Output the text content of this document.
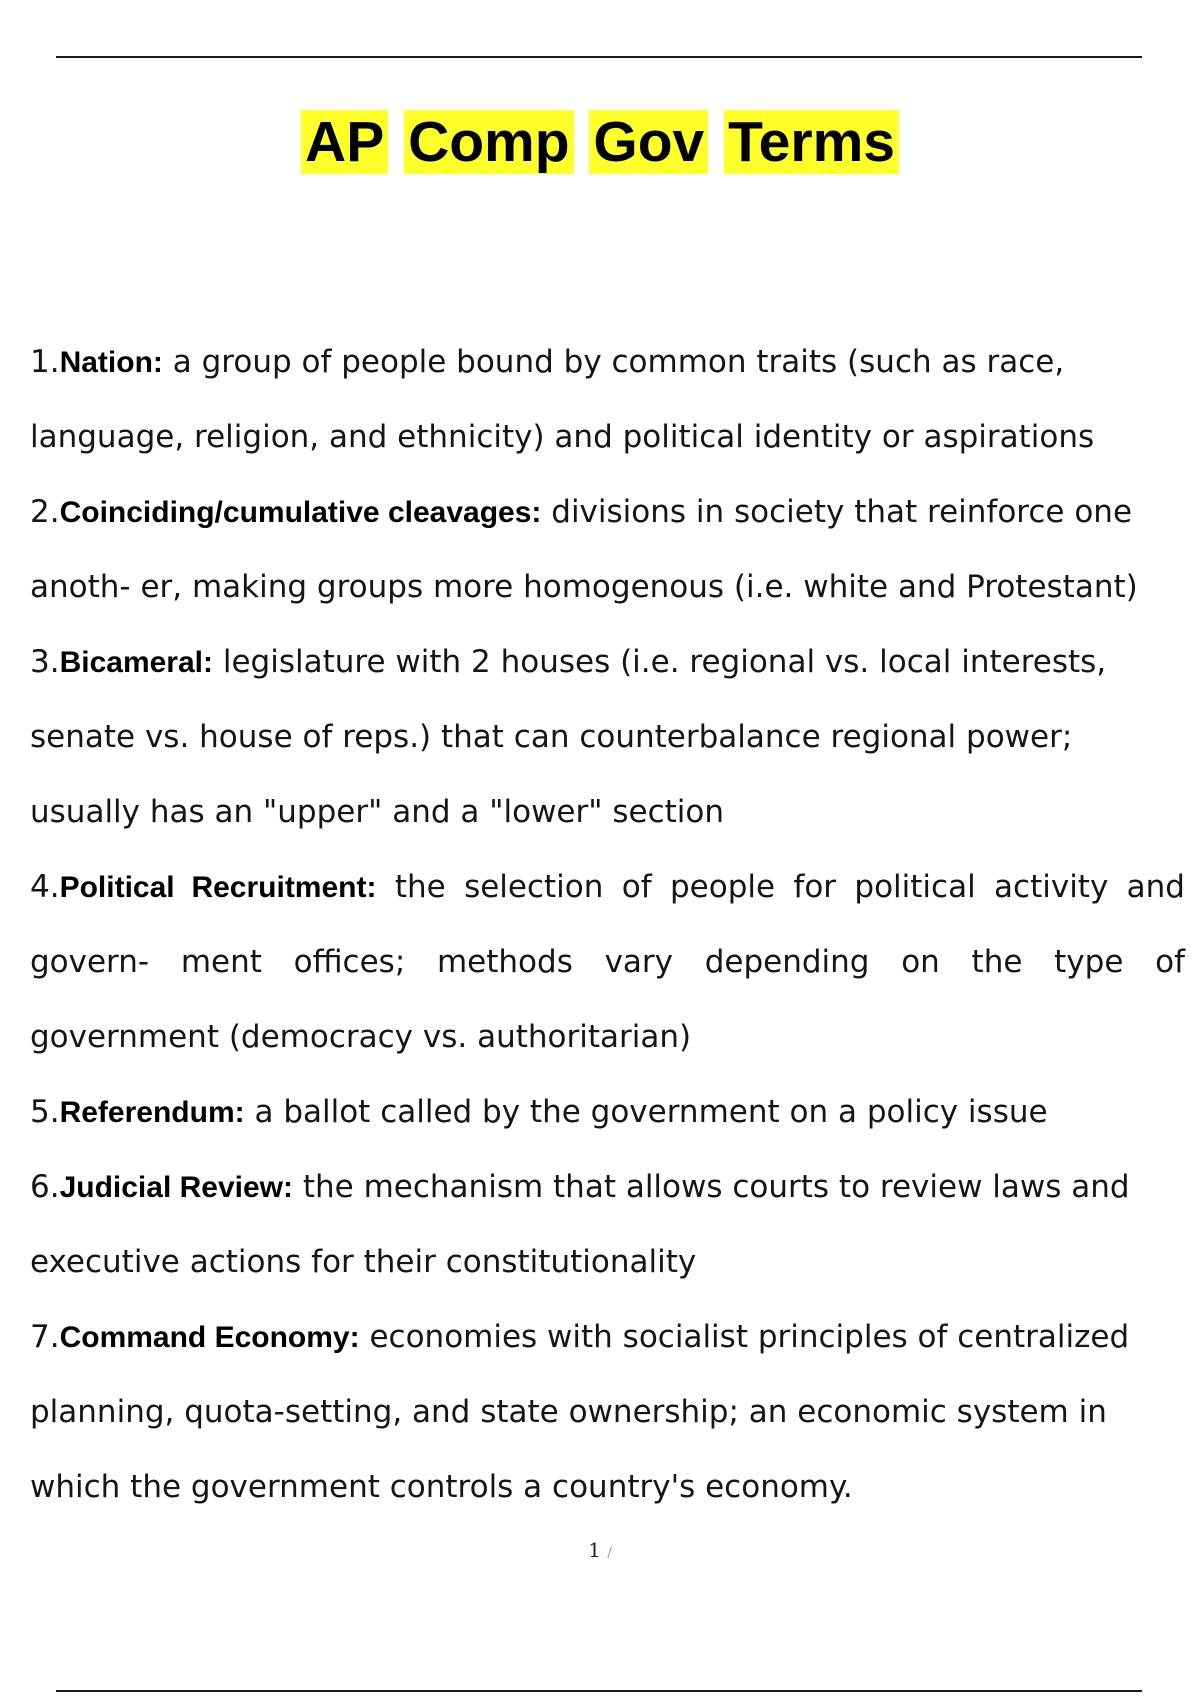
AP Comp Gov Terms
1.Nation: a group of people bound by common traits (such as race, language, religion, and ethnicity) and political identity or aspirations
2.Coinciding/cumulative cleavages: divisions in society that reinforce one anoth- er, making groups more homogenous (i.e. white and Protestant)
3.Bicameral: legislature with 2 houses (i.e. regional vs. local interests, senate vs. house of reps.) that can counterbalance regional power; usually has an "upper" and a "lower" section
4.Political Recruitment: the selection of people for political activity and govern- ment offices; methods vary depending on the type of government (democracy vs. authoritarian)
5.Referendum: a ballot called by the government on a policy issue
6.Judicial Review: the mechanism that allows courts to review laws and executive actions for their constitutionality
7.Command Economy: economies with socialist principles of centralized planning, quota-setting, and state ownership; an economic system in which the government controls a country's economy.
1 /
